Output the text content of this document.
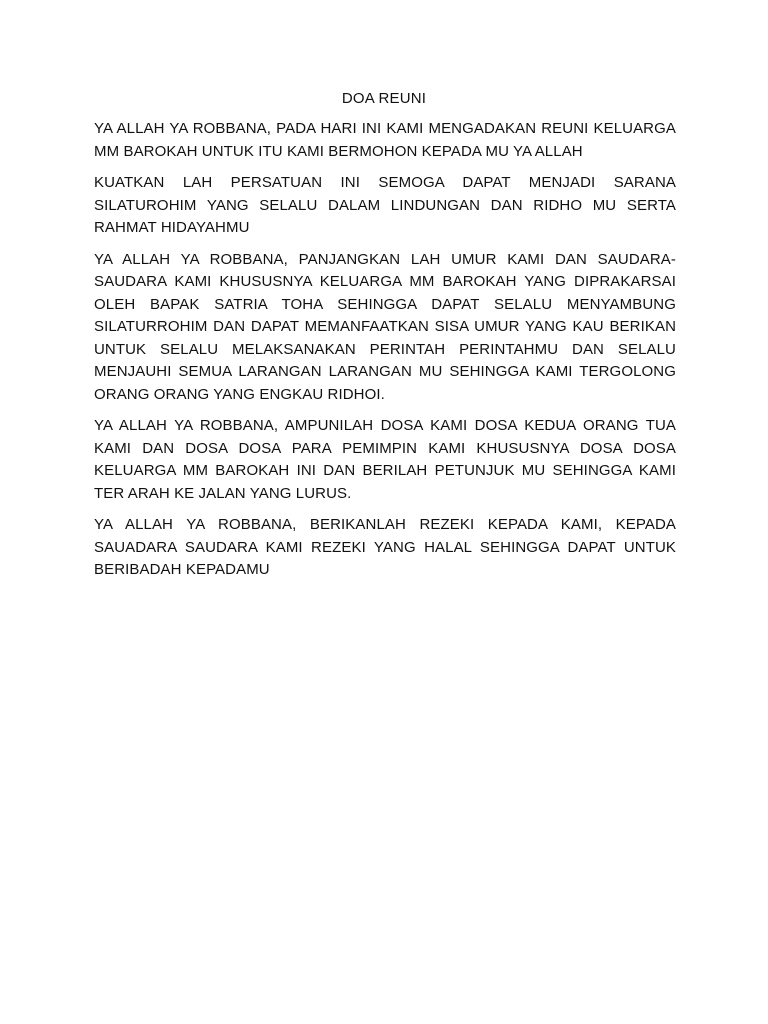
DOA REUNI

YA ALLAH YA ROBBANA, PADA HARI INI KAMI MENGADAKAN REUNI KELUARGA MM BAROKAH UNTUK ITU KAMI BERMOHON KEPADA MU YA ALLAH

KUATKAN LAH PERSATUAN INI SEMOGA DAPAT MENJADI SARANA SILATUROHIM YANG SELALU DALAM LINDUNGAN DAN RIDHO MU SERTA RAHMAT HIDAYAHMU

YA ALLAH YA ROBBANA, PANJANGKAN LAH UMUR KAMI DAN SAUDARA-SAUDARA KAMI KHUSUSNYA KELUARGA MM BAROKAH YANG DIPRAKARSAI OLEH BAPAK SATRIA TOHA SEHINGGA DAPAT SELALU MENYAMBUNG SILATURROHIM DAN DAPAT MEMANFAATKAN SISA UMUR YANG KAU BERIKAN UNTUK SELALU MELAKSANAKAN PERINTAH PERINTAHMU DAN SELALU MENJAUHI SEMUA LARANGAN LARANGAN MU SEHINGGA KAMI TERGOLONG ORANG ORANG YANG ENGKAU RIDHOI.

YA ALLAH YA ROBBANA, AMPUNILAH DOSA KAMI DOSA KEDUA ORANG TUA KAMI DAN DOSA DOSA PARA PEMIMPIN KAMI KHUSUSNYA DOSA DOSA KELUARGA MM BAROKAH INI DAN BERILAH PETUNJUK MU SEHINGGA KAMI TER ARAH KE JALAN YANG LURUS.

YA ALLAH YA ROBBANA, BERIKANLAH REZEKI KEPADA KAMI, KEPADA SAUADARA SAUDARA KAMI REZEKI YANG HALAL SEHINGGA DAPAT UNTUK BERIBADAH KEPADAMU
